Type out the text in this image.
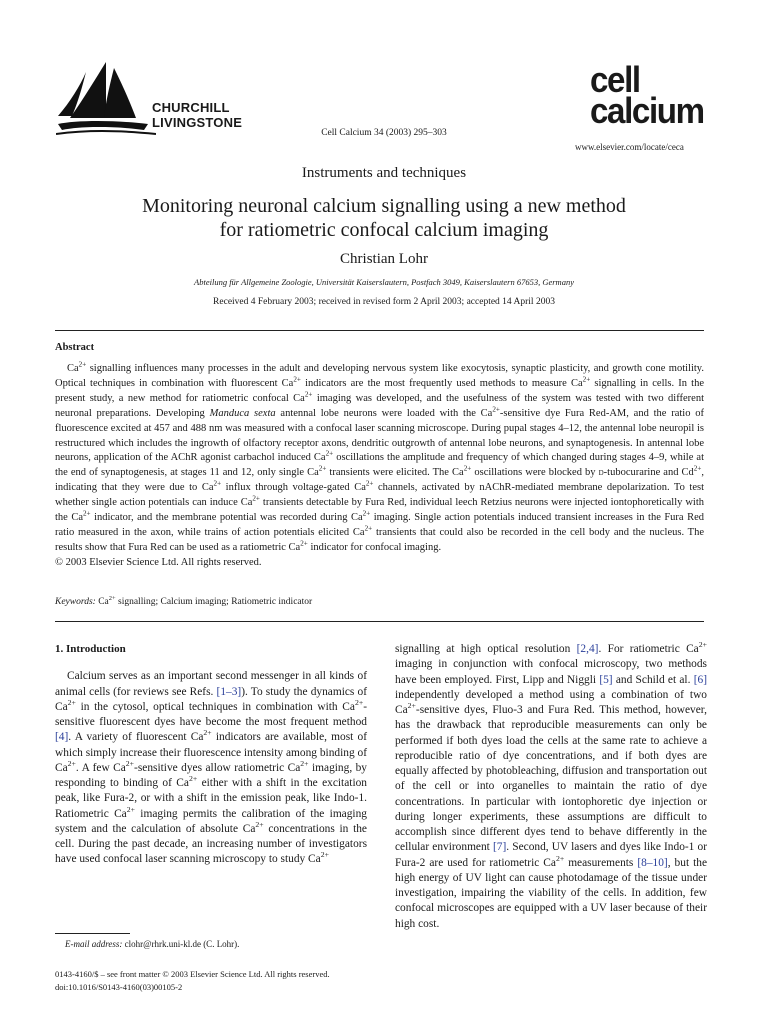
CHURCHILL
LIVINGSTONE
Cell Calcium 34 (2003) 295–303
cell
calcium
www.elsevier.com/locate/ceca
Instruments and techniques
Monitoring neuronal calcium signalling using a new method
for ratiometric confocal calcium imaging
Christian Lohr
Abteilung für Allgemeine Zoologie, Universität Kaiserslautern, Postfach 3049, Kaiserslautern 67653, Germany
Received 4 February 2003; received in revised form 2 April 2003; accepted 14 April 2003
Abstract

$Ca^{2+}$ signalling influences many processes in the adult and developing nervous system like exocytosis, synaptic plasticity, and growth cone motility. Optical techniques in combination with fluorescent $Ca^{2+}$ indicators are the most frequently used methods to measure $Ca^{2+}$ signalling in cells. In the present study, a new method for ratiometric confocal $Ca^{2+}$ imaging was developed, and the usefulness of the system was tested with two different neuronal preparations. Developing Manduca sexta antennal lobe neurons were loaded with the $Ca^{2+}$-sensitive dye Fura Red-AM, and the ratio of fluorescence excited at 457 and 488 nm was measured with a confocal laser scanning microscope. During pupal stages 4–12, the antennal lobe neuropil is restructured which includes the ingrowth of olfactory receptor axons, dendritic outgrowth of antennal lobe neurons, and synaptogenesis. In antennal lobe neurons, application of the AChR agonist carbachol induced $Ca^{2+}$ oscillations the amplitude and frequency of which changed during stages 4–9, while at the end of synaptogenesis, at stages 11 and 12, only single $Ca^{2+}$ transients were elicited. The $Ca^{2+}$ oscillations were blocked by d-tubocurarine and $Cd^{2+}$, indicating that they were due to $Ca^{2+}$ influx through voltage-gated $Ca^{2+}$ channels, activated by nAChR-mediated membrane depolarization. To test whether single action potentials can induce $Ca^{2+}$ transients detectable by Fura Red, individual leech Retzius neurons were injected iontophoretically with the $Ca^{2+}$ indicator, and the membrane potential was recorded during $Ca^{2+}$ imaging. Single action potentials induced transient increases in the Fura Red ratio measured in the axon, while trains of action potentials elicited $Ca^{2+}$ transients that could also be recorded in the cell body and the nucleus. The results show that Fura Red can be used as a ratiometric $Ca^{2+}$ indicator for confocal imaging.

© 2003 Elsevier Science Ltd. All rights reserved.

Keywords: $Ca^{2+}$ signalling; Calcium imaging; Ratiometric indicator

1. Introduction

Calcium serves as an important second messenger in all kinds of animal cells (for reviews see Refs. [1–3]). To study the dynamics of $Ca^{2+}$ in the cytosol, optical techniques in combination with $Ca^{2+}$-sensitive fluorescent dyes have become the most frequent method [4]. A variety of fluorescent $Ca^{2+}$ indicators are available, most of which simply increase their fluorescence intensity among binding of $Ca^{2+}$. A few $Ca^{2+}$-sensitive dyes allow ratiometric $Ca^{2+}$ imaging, by responding to binding of $Ca^{2+}$ either with a shift in the excitation peak, like Fura-2, or with a shift in the emission peak, like Indo-1. Ratiometric $Ca^{2+}$ imaging permits the calibration of the imaging system and the calculation of absolute $Ca^{2+}$ concentrations in the cell. During the past decade, an increasing number of investigators have used confocal laser scanning microscopy to study $Ca^{2+}$

signalling at high optical resolution [2,4]. For ratiometric $Ca^{2+}$ imaging in conjunction with confocal microscopy, two methods have been employed. First, Lipp and Niggli [5] and Schild et al. [6] independently developed a method using a combination of two $Ca^{2+}$-sensitive dyes, Fluo-3 and Fura Red. This method, however, has the drawback that reproducible measurements can only be performed if both dyes load the cells at the same rate to achieve a reproducible ratio of dye concentrations, and if both dyes are equally affected by photobleaching, diffusion and transportation out of the cell or into organelles to maintain the ratio of dye concentrations. In particular with iontophoretic dye injection or during longer experiments, these assumptions are difficult to accomplish since different dyes tend to behave differently in the cellular environment [7]. Second, UV lasers and dyes like Indo-1 or Fura-2 are used for ratiometric $Ca^{2+}$ measurements [8–10], but the high energy of UV light can cause photodamage of the tissue under investigation, impairing the viability of the cells. In addition, few confocal microscopes are equipped with a UV laser because of their high cost.

E-mail address: clohr@rhrk.uni-kl.de (C. Lohr).
0143-4160/$ – see front matter © 2003 Elsevier Science Ltd. All rights reserved.
doi:10.1016/S0143-4160(03)00105-2
